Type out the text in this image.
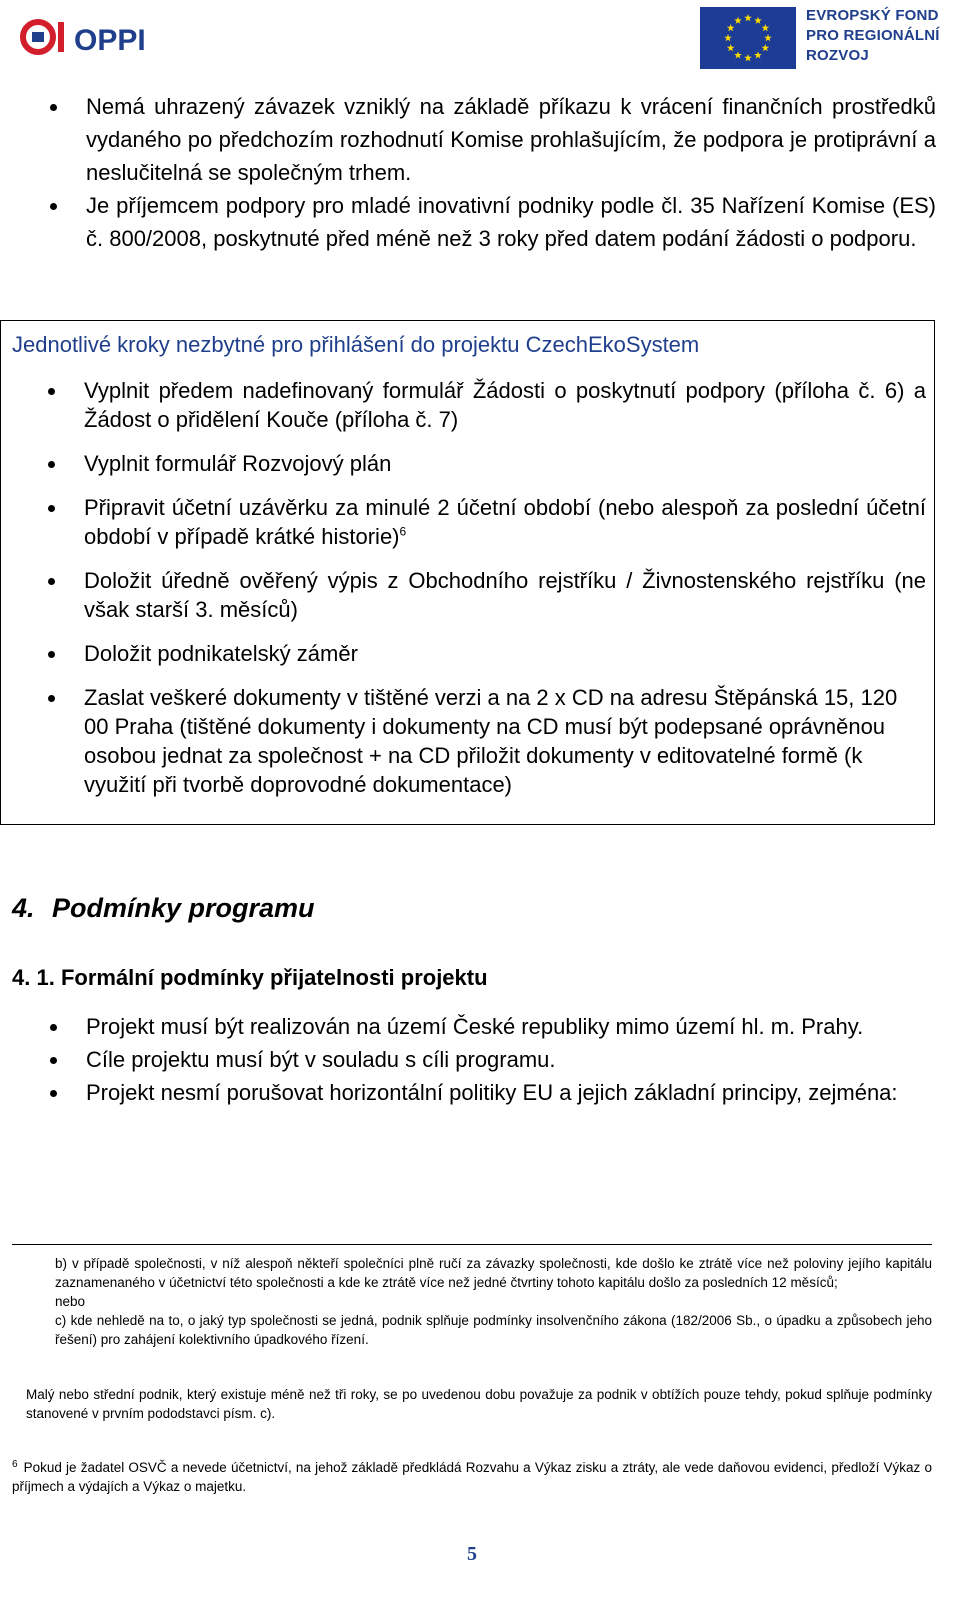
OPPI
EVROPSKÝ FOND
PRO REGIONÁLNÍ
ROZVOJ
Nemá uhrazený závazek vzniklý na základě příkazu k vrácení finančních prostředků vydaného po předchozím rozhodnutí Komise prohlašujícím, že podpora je protiprávní a neslučitelná se společným trhem.
Je příjemcem podpory pro mladé inovativní podniky podle čl. 35 Nařízení Komise (ES) č. 800/2008, poskytnuté před méně než 3 roky před datem podání žádosti o podporu.
Jednotlivé kroky nezbytné pro přihlášení do projektu CzechEkoSystem
Vyplnit předem nadefinovaný formulář Žádosti o poskytnutí podpory (příloha č. 6) a Žádost o přidělení Kouče (příloha č. 7)
Vyplnit formulář Rozvojový plán
Připravit účetní uzávěrku za minulé 2 účetní období (nebo alespoň za poslední účetní období v případě krátké historie)$^6$
Doložit úředně ověřený výpis z Obchodního rejstříku / Živnostenského rejstříku (ne však starší 3. měsíců)
Doložit podnikatelský záměr
Zaslat veškeré dokumenty v tištěné verzi a na 2 x CD na adresu Štěpánská 15, 120 00 Praha (tištěné dokumenty i dokumenty na CD musí být podepsané oprávněnou osobou jednat za společnost + na CD přiložit dokumenty v editovatelné formě (k využití při tvorbě doprovodné dokumentace)
4. Podmínky programu
4. 1. Formální podmínky přijatelnosti projektu
Projekt musí být realizován na území České republiky mimo území hl. m. Prahy.
Cíle projektu musí být v souladu s cíli programu.
Projekt nesmí porušovat horizontální politiky EU a jejich základní principy, zejména:

b) v případě společnosti, v níž alespoň někteří společníci plně ručí za závazky společnosti, kde došlo ke ztrátě více než poloviny jejího kapitálu zaznamenaného v účetnictví této společnosti a kde ke ztrátě více než jedné čtvrtiny tohoto kapitálu došlo za posledních 12 měsíců;

nebo

c) kde nehledě na to, o jaký typ společnosti se jedná, podnik splňuje podmínky insolvenčního zákona (182/2006 Sb., o úpadku a způsobech jeho řešení) pro zahájení kolektivního úpadkového řízení.

Malý nebo střední podnik, který existuje méně než tři roky, se po uvedenou dobu považuje za podnik v obtížích pouze tehdy, pokud splňuje podmínky stanovené v prvním pododstavci písm. c).
$^6$ Pokud je žadatel OSVČ a nevede účetnictví, na jehož základě předkládá Rozvahu a Výkaz zisku a ztráty, ale vede daňovou evidenci, předloží Výkaz o příjmech a výdajích a Výkaz o majetku.
5
